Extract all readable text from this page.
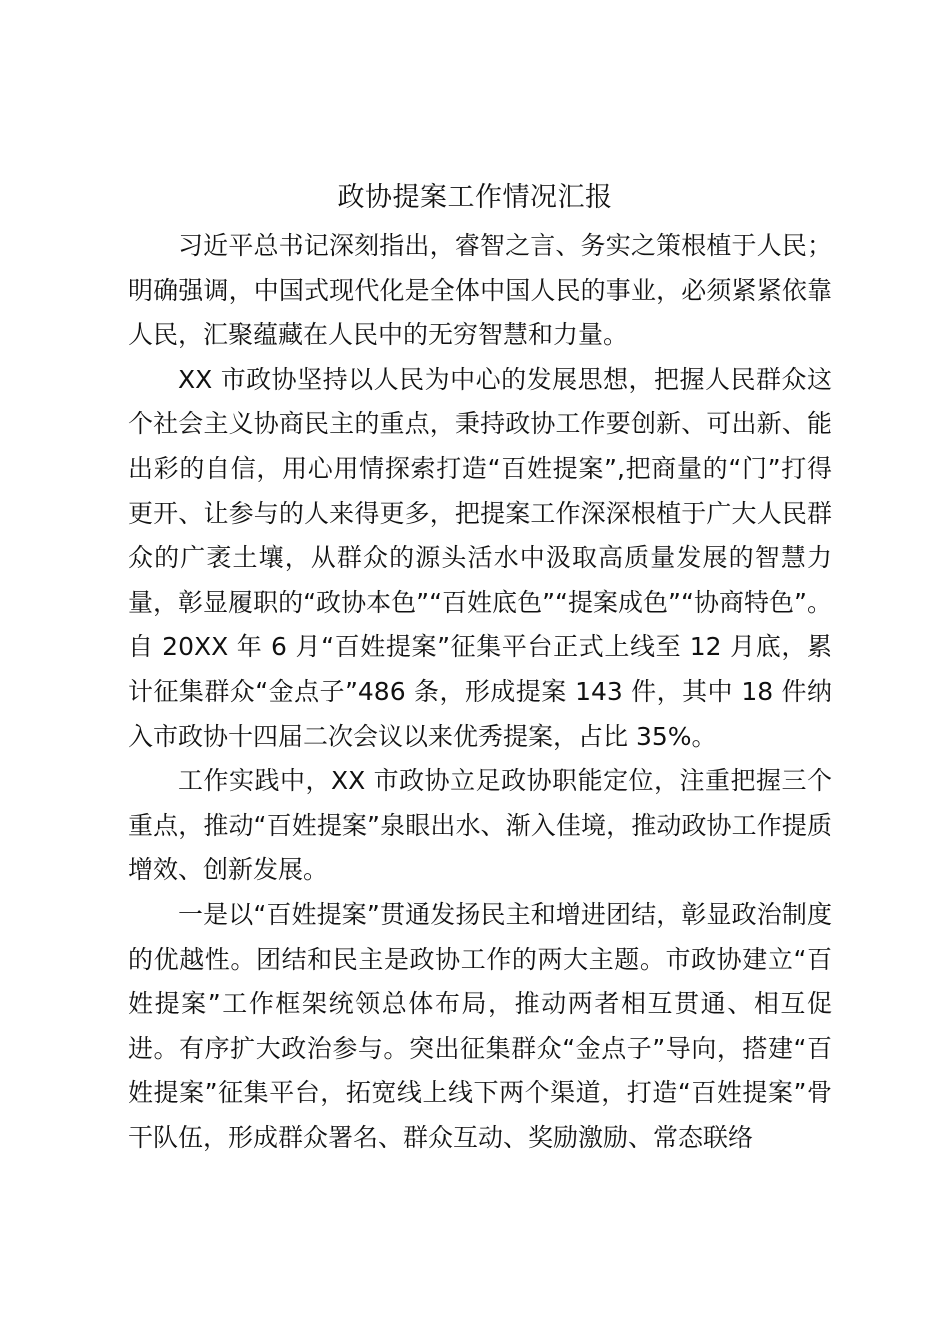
政协提案工作情况汇报

习近平总书记深刻指出，睿智之言、务实之策根植于人民；明确强调，中国式现代化是全体中国人民的事业，必须紧紧依靠人民，汇聚蕴藏在人民中的无穷智慧和力量。

XX 市政协坚持以人民为中心的发展思想，把握人民群众这个社会主义协商民主的重点，秉持政协工作要创新、可出新、能出彩的自信，用心用情探索打造“百姓提案”,把商量的“门”打得更开、让参与的人来得更多，把提案工作深深根植于广大人民群众的广袤土壤，从群众的源头活水中汲取高质量发展的智慧力量，彰显履职的“政协本色”“百姓底色”“提案成色”“协商特色”。自 20XX 年 6 月“百姓提案”征集平台正式上线至 12 月底，累计征集群众“金点子”486 条，形成提案 143 件，其中 18 件纳入市政协十四届二次会议以来优秀提案，占比 35%。

工作实践中，XX 市政协立足政协职能定位，注重把握三个重点，推动“百姓提案”泉眼出水、渐入佳境，推动政协工作提质增效、创新发展。

一是以“百姓提案”贯通发扬民主和增进团结，彰显政治制度的优越性。团结和民主是政协工作的两大主题。市政协建立“百姓提案”工作框架统领总体布局，推动两者相互贯通、相互促进。有序扩大政治参与。突出征集群众“金点子”导向，搭建“百姓提案”征集平台，拓宽线上线下两个渠道，打造“百姓提案”骨干队伍，形成群众署名、群众互动、奖励激励、常态联络
